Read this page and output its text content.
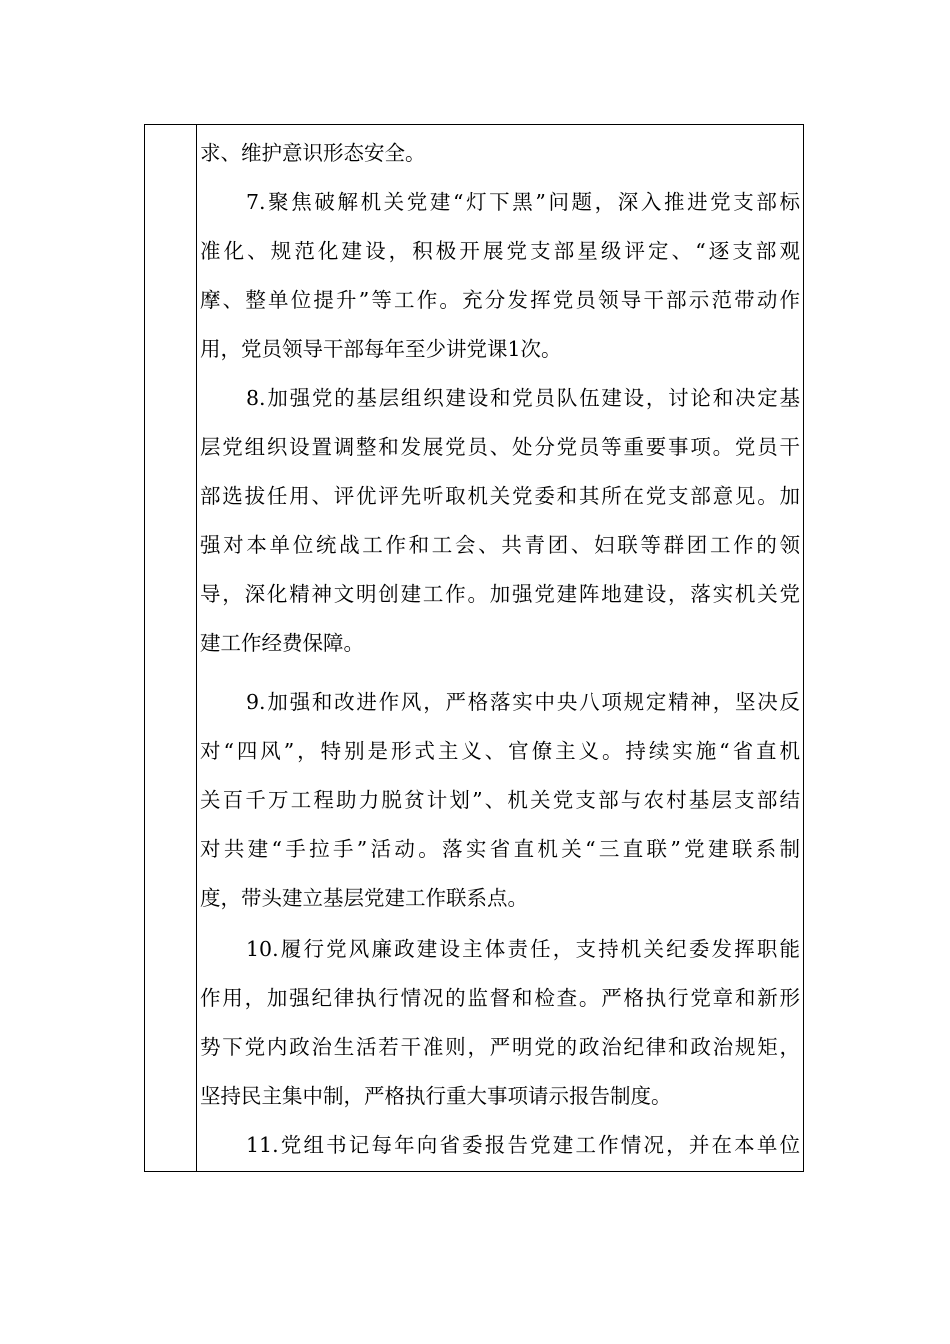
求、维护意识形态安全。
7.聚焦破解机关党建“灯下黑”问题，深入推进党支部标
准化、规范化建设，积极开展党支部星级评定、“逐支部观
摩、整单位提升”等工作。充分发挥党员领导干部示范带动作
用，党员领导干部每年至少讲党课1次。
8.加强党的基层组织建设和党员队伍建设，讨论和决定基
层党组织设置调整和发展党员、处分党员等重要事项。党员干
部选拔任用、评优评先听取机关党委和其所在党支部意见。加
强对本单位统战工作和工会、共青团、妇联等群团工作的领
导，深化精神文明创建工作。加强党建阵地建设，落实机关党
建工作经费保障。
9.加强和改进作风，严格落实中央八项规定精神，坚决反
对“四风”，特别是形式主义、官僚主义。持续实施“省直机
关百千万工程助力脱贫计划”、机关党支部与农村基层支部结
对共建“手拉手”活动。落实省直机关“三直联”党建联系制
度，带头建立基层党建工作联系点。
10.履行党风廉政建设主体责任，支持机关纪委发挥职能
作用，加强纪律执行情况的监督和检查。严格执行党章和新形
势下党内政治生活若干准则，严明党的政治纪律和政治规矩，
坚持民主集中制，严格执行重大事项请示报告制度。
11.党组书记每年向省委报告党建工作情况，并在本单位
